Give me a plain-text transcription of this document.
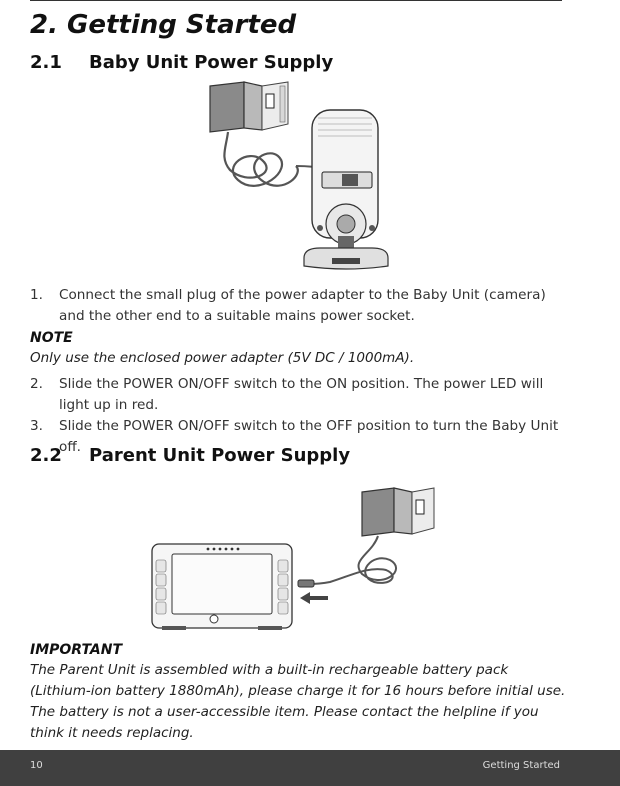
2. Getting Started
2.1 Baby Unit Power Supply
1. Connect the small plug of the power adapter to the Baby Unit (camera) and the other end to a suitable mains power socket.
NOTE
Only use the enclosed power adapter (5V DC / 1000mA).
2. Slide the POWER ON/OFF switch to the ON position. The power LED will light up in red.
3. Slide the POWER ON/OFF switch to the OFF position to turn the Baby Unit off.
2.2 Parent Unit Power Supply
IMPORTANT
The Parent Unit is assembled with a built-in rechargeable battery pack (Lithium-ion battery 1880mAh), please charge it for 16 hours before initial use. The battery is not a user-accessible item. Please contact the helpline if you think it needs replacing.
10	Getting Started
